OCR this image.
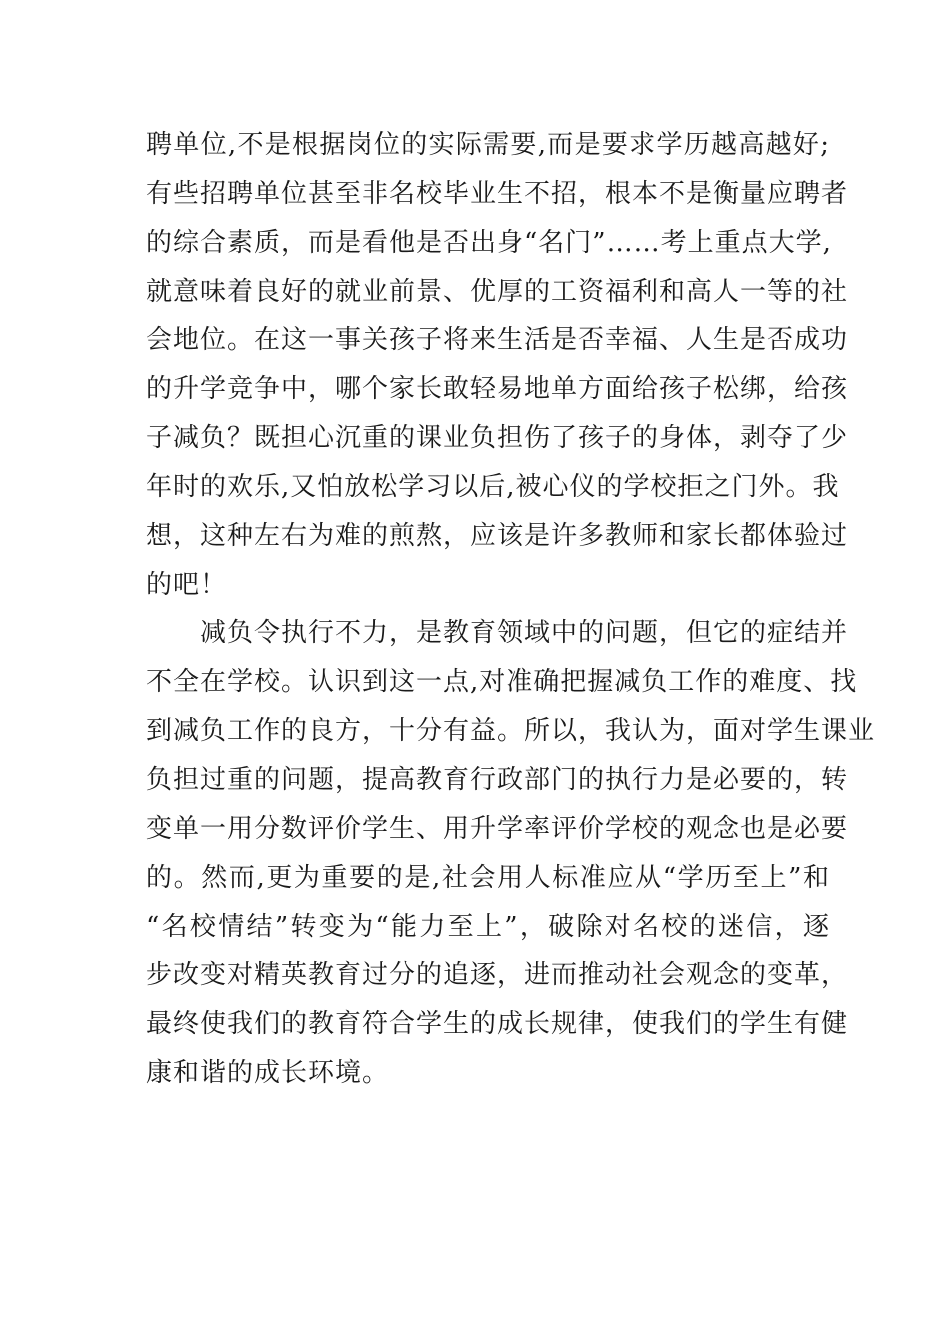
聘单位,不是根据岗位的实际需要,而是要求学历越高越好;
有些招聘单位甚至非名校毕业生不招，根本不是衡量应聘者
的综合素质，而是看他是否出身“名门”……考上重点大学,
就意味着良好的就业前景、优厚的工资福利和高人一等的社
会地位。在这一事关孩子将来生活是否幸福、人生是否成功
的升学竞争中，哪个家长敢轻易地单方面给孩子松绑，给孩
子减负？既担心沉重的课业负担伤了孩子的身体，剥夺了少
年时的欢乐,又怕放松学习以后,被心仪的学校拒之门外。我
想，这种左右为难的煎熬，应该是许多教师和家长都体验过
的吧！
减负令执行不力，是教育领域中的问题，但它的症结并
不全在学校。认识到这一点,对准确把握减负工作的难度、找
到减负工作的良方，十分有益。所以，我认为，面对学生课业
负担过重的问题，提高教育行政部门的执行力是必要的，转
变单一用分数评价学生、用升学率评价学校的观念也是必要
的。然而,更为重要的是,社会用人标准应从“学历至上”和
“名校情结”转变为“能力至上”，破除对名校的迷信，逐
步改变对精英教育过分的追逐，进而推动社会观念的变革，
最终使我们的教育符合学生的成长规律，使我们的学生有健
康和谐的成长环境。
